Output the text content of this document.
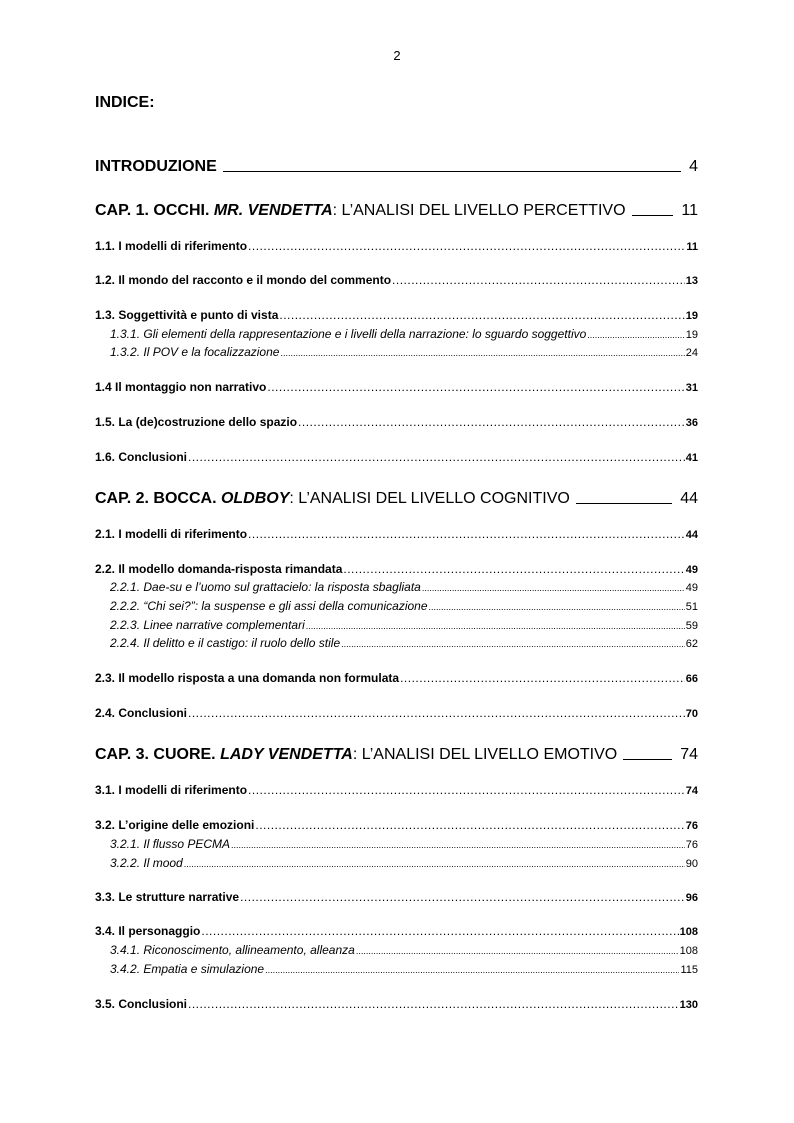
2
INDICE:
INTRODUZIONE	4
CAP. 1. OCCHI. MR. VENDETTA: L’ANALISI DEL LIVELLO PERCETTIVO	11
1.1. I modelli di riferimento .....	11
1.2. Il mondo del racconto e il mondo del commento .....	13
1.3. Soggettività e punto di vista .....	19
1.3.1. Gli elementi della rappresentazione e i livelli della narrazione: lo sguardo soggettivo .....	19
1.3.2. Il POV e la focalizzazione .....	24
1.4 Il montaggio non narrativo .....	31
1.5. La (de)costruzione dello spazio .....	36
1.6. Conclusioni .....	41
CAP. 2. BOCCA. OLDBOY: L’ANALISI DEL LIVELLO COGNITIVO	44
2.1. I modelli di riferimento .....	44
2.2. Il modello domanda-risposta rimandata .....	49
2.2.1. Dae-su e l’uomo sul grattacielo: la risposta sbagliata .....	49
2.2.2. “Chi sei?”: la suspense e gli assi della comunicazione .....	51
2.2.3. Linee narrative complementari .....	59
2.2.4. Il delitto e il castigo: il ruolo dello stile .....	62
2.3. Il modello risposta a una domanda non formulata .....	66
2.4. Conclusioni .....	70
CAP. 3. CUORE. LADY VENDETTA: L’ANALISI DEL LIVELLO EMOTIVO	74
3.1. I modelli di riferimento .....	74
3.2. L’origine delle emozioni .....	76
3.2.1. Il flusso PECMA .....	76
3.2.2. Il mood .....	90
3.3. Le strutture narrative .....	96
3.4. Il personaggio .....	108
3.4.1. Riconoscimento, allineamento, alleanza .....	108
3.4.2. Empatia e simulazione .....	115
3.5. Conclusioni .....	130
